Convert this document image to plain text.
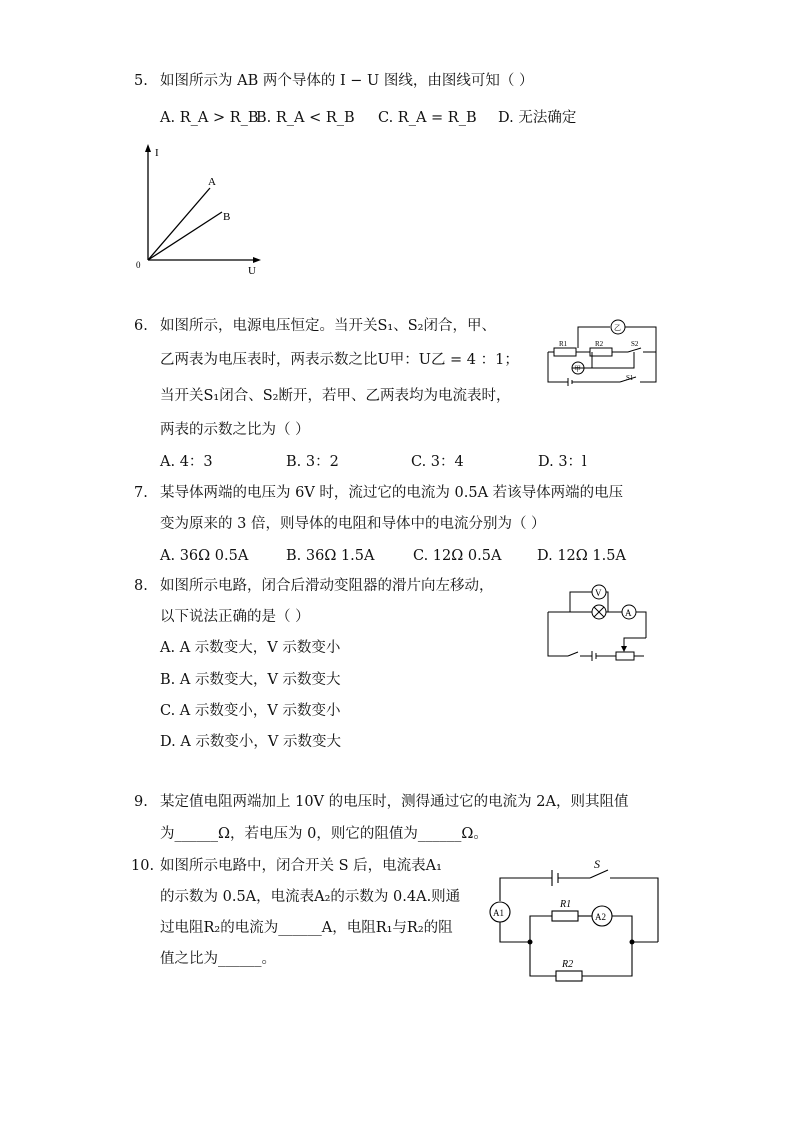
5. 如图所示为 AB 两个导体的 I − U 图线，由图线可知（ ）
A. R_A > R_B
B. R_A < R_B C. R_A = R_B D. 无法确定
I
U
0
A
B
6. 如图所示，电源电压恒定。当开关S₁、S₂闭合，甲、
乙两表为电压表时，两表示数之比U甲：U乙 = 4 ：1；
当开关S₁闭合、S₂断开，若甲、乙两表均为电流表时，
两表的示数之比为（ ）
A. 4：3	B. 3：2	C. 3：4	D. 3：l
乙
甲
R1	R2	S2
S1
7. 某导体两端的电压为 6V 时，流过它的电流为 0.5A 若该导体两端的电压
变为原来的 3 倍，则导体的电阻和导体中的电流分别为（ ）
A. 36Ω 0.5A	B. 36Ω 1.5A	C. 12Ω 0.5A D. 12Ω 1.5A
8. 如图所示电路，闭合后滑动变阻器的滑片向左移动，
以下说法正确的是（ ）
A. A 示数变大，V 示数变小
B. A 示数变大，V 示数变大
C. A 示数变小，V 示数变小
D. A 示数变小，V 示数变大
V
A
9. 某定值电阻两端加上 10V 的电压时，测得通过它的电流为 2A，则其阻值
为______Ω，若电压为 0，则它的阻值为______Ω。
10. 如图所示电路中，闭合开关 S 后，电流表A₁
的示数为 0.5A，电流表A₂的示数为 0.4A.则通
过电阻R₂的电流为______A，电阻R₁与R₂的阻
值之比为______。
S
A1	A2
R1
R2
